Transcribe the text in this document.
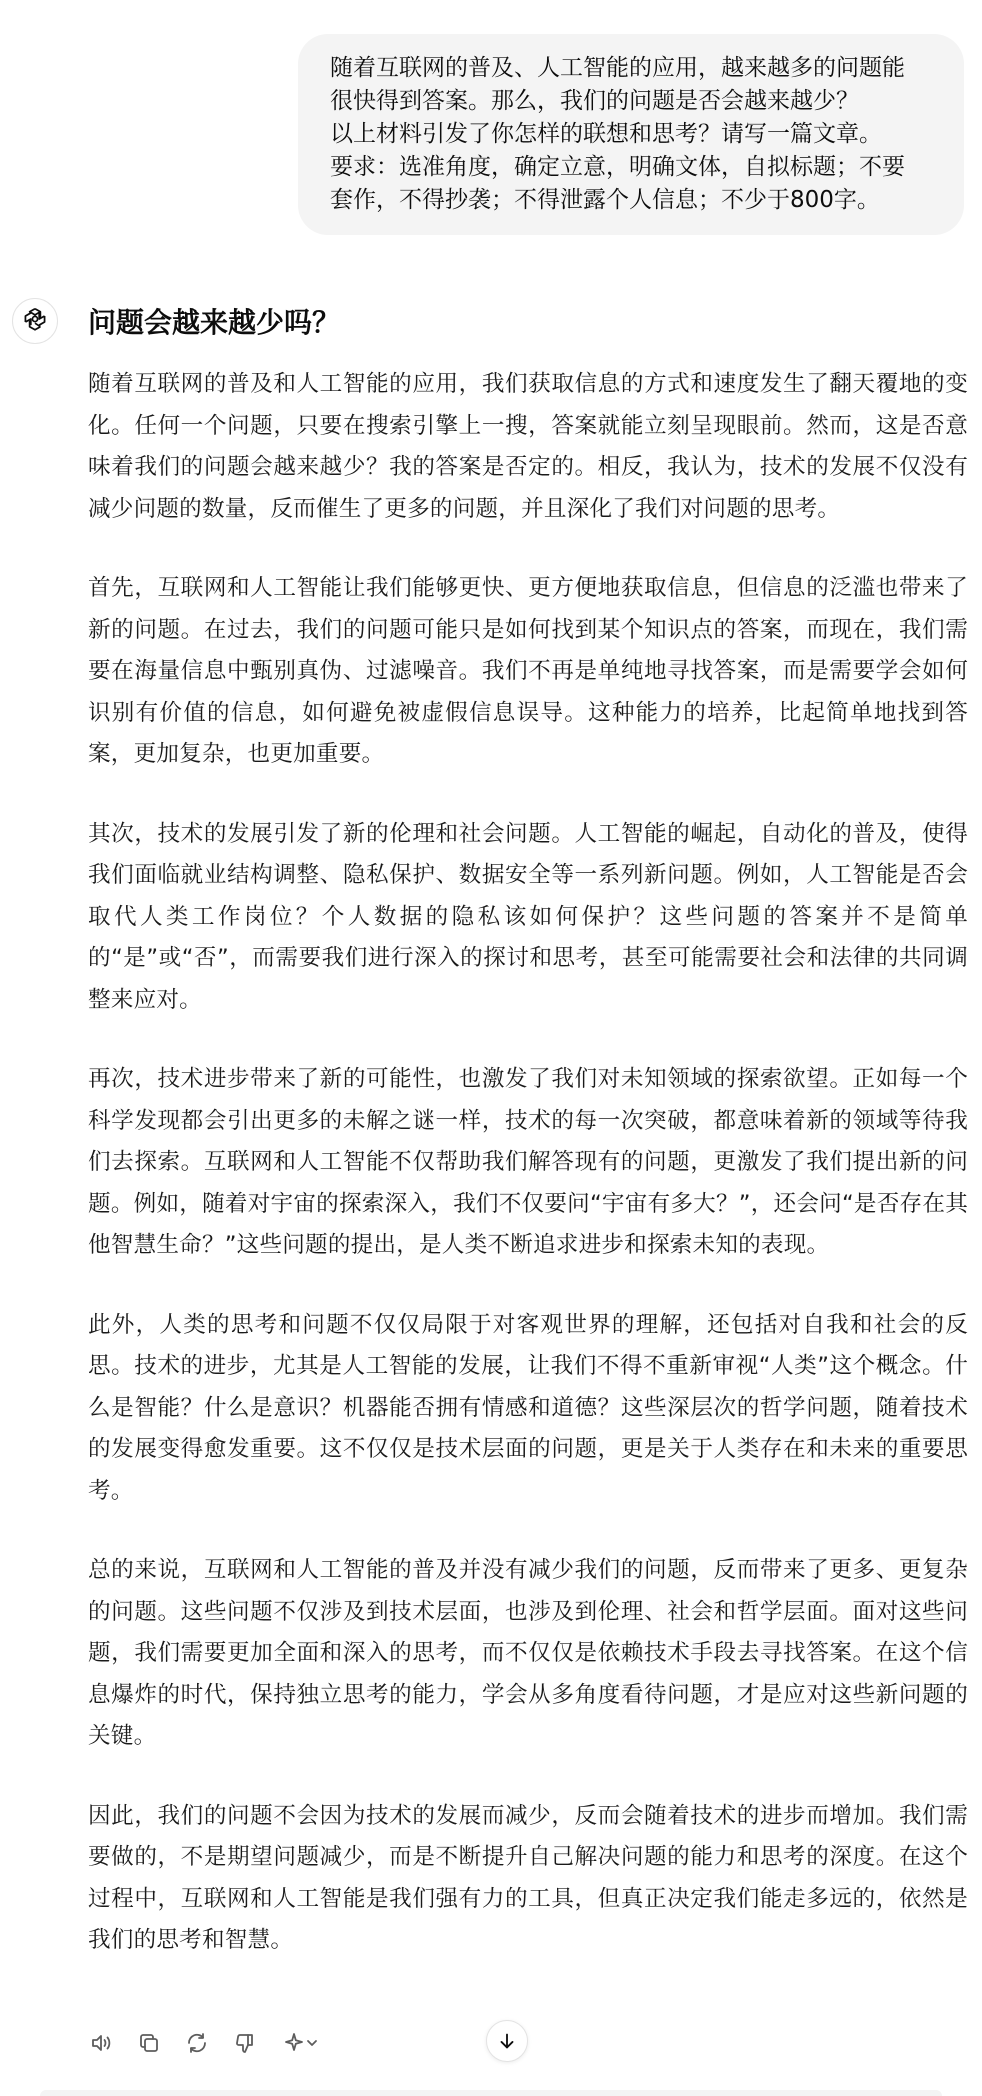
随着互联网的普及、人工智能的应用，越来越多的问题能
很快得到答案。那么，我们的问题是否会越来越少？
以上材料引发了你怎样的联想和思考？请写一篇文章。
要求：选准角度，确定立意，明确文体，自拟标题；不要
套作，不得抄袭；不得泄露个人信息；不少于800字。
问题会越来越少吗？

随着互联网的普及和人工智能的应用，我们获取信息的方式和速度发生了翻天覆地的变化。任何一个问题，只要在搜索引擎上一搜，答案就能立刻呈现眼前。然而，这是否意味着我们的问题会越来越少？我的答案是否定的。相反，我认为，技术的发展不仅没有减少问题的数量，反而催生了更多的问题，并且深化了我们对问题的思考。

首先，互联网和人工智能让我们能够更快、更方便地获取信息，但信息的泛滥也带来了新的问题。在过去，我们的问题可能只是如何找到某个知识点的答案，而现在，我们需要在海量信息中甄别真伪、过滤噪音。我们不再是单纯地寻找答案，而是需要学会如何识别有价值的信息，如何避免被虚假信息误导。这种能力的培养，比起简单地找到答案，更加复杂，也更加重要。

其次，技术的发展引发了新的伦理和社会问题。人工智能的崛起，自动化的普及，使得我们面临就业结构调整、隐私保护、数据安全等一系列新问题。例如，人工智能是否会取代人类工作岗位？个人数据的隐私该如何保护？这些问题的答案并不是简单的“是”或“否”，而需要我们进行深入的探讨和思考，甚至可能需要社会和法律的共同调整来应对。

再次，技术进步带来了新的可能性，也激发了我们对未知领域的探索欲望。正如每一个科学发现都会引出更多的未解之谜一样，技术的每一次突破，都意味着新的领域等待我们去探索。互联网和人工智能不仅帮助我们解答现有的问题，更激发了我们提出新的问题。例如，随着对宇宙的探索深入，我们不仅要问“宇宙有多大？”，还会问“是否存在其他智慧生命？”这些问题的提出，是人类不断追求进步和探索未知的表现。

此外，人类的思考和问题不仅仅局限于对客观世界的理解，还包括对自我和社会的反思。技术的进步，尤其是人工智能的发展，让我们不得不重新审视“人类”这个概念。什么是智能？什么是意识？机器能否拥有情感和道德？这些深层次的哲学问题，随着技术的发展变得愈发重要。这不仅仅是技术层面的问题，更是关于人类存在和未来的重要思考。

总的来说，互联网和人工智能的普及并没有减少我们的问题，反而带来了更多、更复杂的问题。这些问题不仅涉及到技术层面，也涉及到伦理、社会和哲学层面。面对这些问题，我们需要更加全面和深入的思考，而不仅仅是依赖技术手段去寻找答案。在这个信息爆炸的时代，保持独立思考的能力，学会从多角度看待问题，才是应对这些新问题的关键。

因此，我们的问题不会因为技术的发展而减少，反而会随着技术的进步而增加。我们需要做的，不是期望问题减少，而是不断提升自己解决问题的能力和思考的深度。在这个过程中，互联网和人工智能是我们强有力的工具，但真正决定我们能走多远的，依然是我们的思考和智慧。
